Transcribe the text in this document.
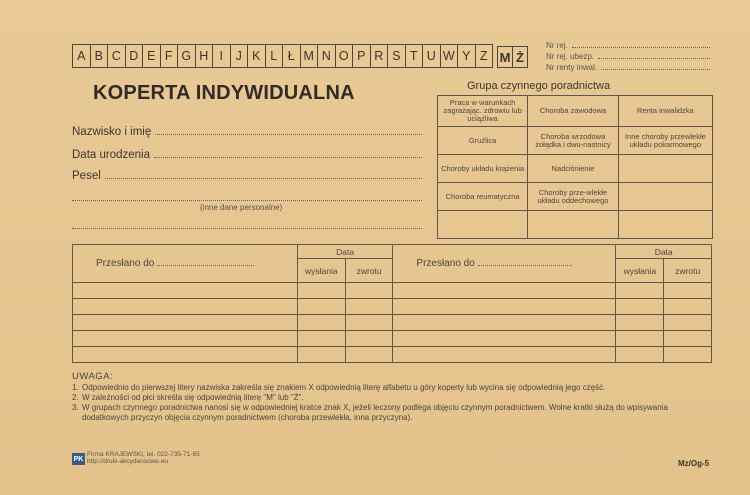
A B C D E F G H I	J K L Ł M N O P R S T U W Y Z M Ż
Nr rej.
Nr rej. ubezp.
Nr renty inwal.
KOPERTA INDYWIDUALNA
Nazwisko i imię
Data urodzenia
Pesel
(inne dane personalne)
Grupa czynnego poradnictwa
Praca w warunkach zagrażając. zdrowiu lub uciążliwa	Choroba zawodowa	Renta inwalidzka
Gruźlica	Choroba wrzodowa żołądka i dwu-nastnicy	Inne choroby przewlekłe układu pokarmowego
Choroby układu krążenia	Nadciśnienie	
Choroba reumatyczna	Choroby prze-wlekłe układu oddechowego	

Przesłano do	Data		Przesłano do	Data	
	wysłania	zwrotu		wysłania	zwrotu

UWAGA:
1. Odpowiednio do pierwszej litery nazwiska zakreśla się znakiem X odpowiednią literę alfabetu u góry koperty lub wycina się odpowiednią jego część.
2. W zależności od płci skreśla się odpowiednią literę "M" lub "Ż".
3. W grupach czynnego poradnictwa nanosi się w odpowiedniej kratce znak X, jeżeli leczony podlega objęciu czynnym poradnictwem. Wolne kratki służą do wpisywania dodatkowych przyczyn objęcia czynnym poradnictwem (choroba przewlekła, inna przyczyna).
PK
Firma KRAJEWSKI, tel. 022-735-71-65
http://druki-akcydensowe.eu	Mz/Og-5
